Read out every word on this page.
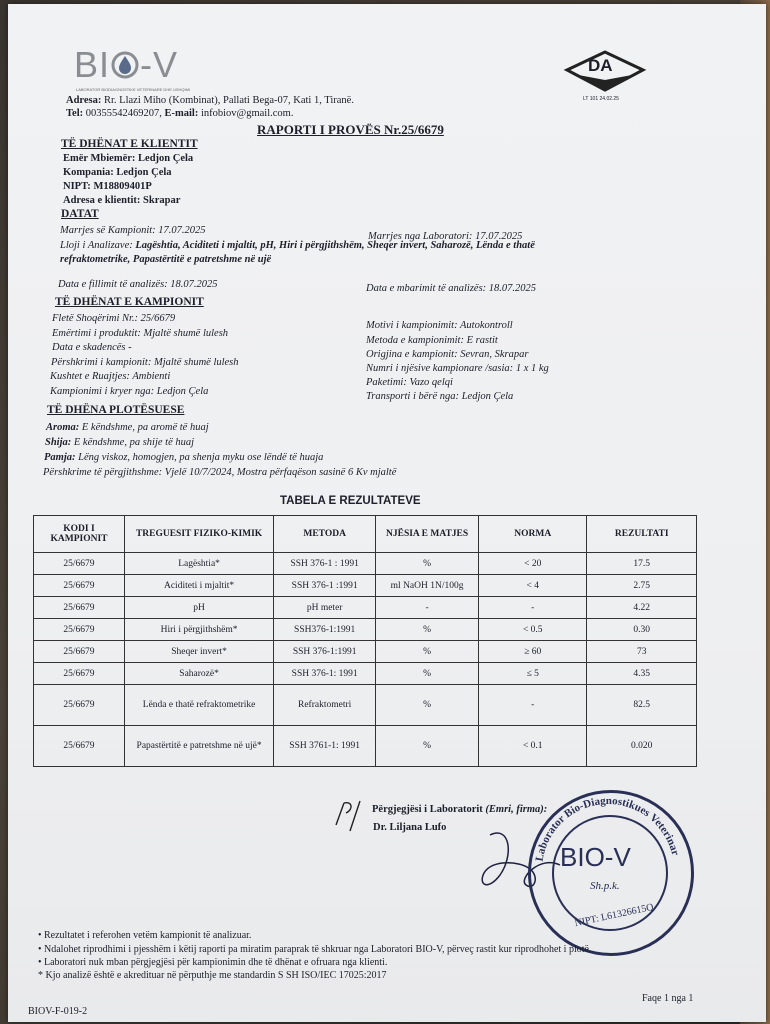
BI -V
LABORATOR BIODIAGNOSTIKE VETERINARE DHE USHQIMI
Adresa: Rr. Llazi Miho (Kombinat), Pallati Bega-07, Kati 1, Tiranë.
Tel: 00355542469207, E-mail: infobiov@gmail.com.
DA
LT 101 24.02.25
RAPORTI I PROVËS Nr.25/6679
TË DHËNAT E KLIENTIT
Emër Mbiemër: Ledjon Çela
Kompania: Ledjon Çela
NIPT: M18809401P
Adresa e klientit: Skrapar
DATAT
Marrjes së Kampionit: 17.07.2025
Marrjes nga Laboratori: 17.07.2025
Lloji i Analizave: Lagështia, Aciditeti i mjaltit, pH, Hiri i përgjithshëm, Sheqer invert, Saharozë, Lënda e thatë
refraktometrike, Papastërtitë e patretshme në ujë
Data e fillimit të analizës: 18.07.2025	Data e mbarimit të analizës: 18.07.2025
TË DHËNAT E KAMPIONIT
Fletë Shoqërimi Nr.: 25/6679
Emërtimi i produktit: Mjaltë shumë lulesh
Data e skadencës -
Përshkrimi i kampionit: Mjaltë shumë lulesh
Kushtet e Ruajtjes: Ambienti
Kampionimi i kryer nga: Ledjon Çela
Motivi i kampionimit: Autokontroll
Metoda e kampionimit: E rastit
Origjina e kampionit: Sevran, Skrapar
Numri i njësive kampionare /sasia: 1 x 1 kg
Paketimi: Vazo qelqi
Transporti i bërë nga: Ledjon Çela
TË DHËNA PLOTËSUESE
Aroma: E këndshme, pa aromë të huaj
Shija: E këndshme, pa shije të huaj
Pamja: Lëng viskoz, homogjen, pa shenja myku ose lëndë të huaja
Përshkrime të përgjithshme: Vjelë 10/7/2024, Mostra përfaqëson sasinë 6 Kv mjaltë
TABELA E REZULTATEVE
KODI I KAMPIONIT	TREGUESIT FIZIKO-KIMIK	METODA	NJËSIA E MATJES	NORMA	REZULTATI
25/6679	Lagështia*	SSH 376-1 : 1991	%	< 20	17.5
25/6679	Aciditeti i mjaltit*	SSH 376-1 :1991	ml NaOH 1N/100g	< 4	2.75
25/6679	pH	pH meter	-	-	4.22
25/6679	Hiri i përgjithshëm*	SSH376-1:1991	%	< 0.5	0.30
25/6679	Sheqer invert*	SSH 376-1:1991	%	≥ 60	73
25/6679	Saharozë*	SSH 376-1: 1991	%	≤ 5	4.35
25/6679	Lënda e thatë refraktometrike	Refraktometri	%	-	82.5
25/6679	Papastërtitë e patretshme në ujë*	SSH 3761-1: 1991	%	< 0.1	0.020
Përgjegjësi i Laboratorit (Emri, firma):
Dr. Liljana Lufo
Laborator Bio-Diagnostikues Veterinar
BIO-V
Sh.p.k.
NIPT: L61326615Q
• Rezultatet i referohen vetëm kampionit të analizuar.
• Ndalohet riprodhimi i pjesshëm i këtij raporti pa miratim paraprak të shkruar nga Laboratori BIO-V, përveç rastit kur riprodhohet i plotë.
• Laboratori nuk mban përgjegjësi për kampionimin dhe të dhënat e ofruara nga klienti.
* Kjo analizë është e akredituar në përputhje me standardin S SH ISO/IEC 17025:2017
BIOV-F-019-2
Faqe 1 nga 1
